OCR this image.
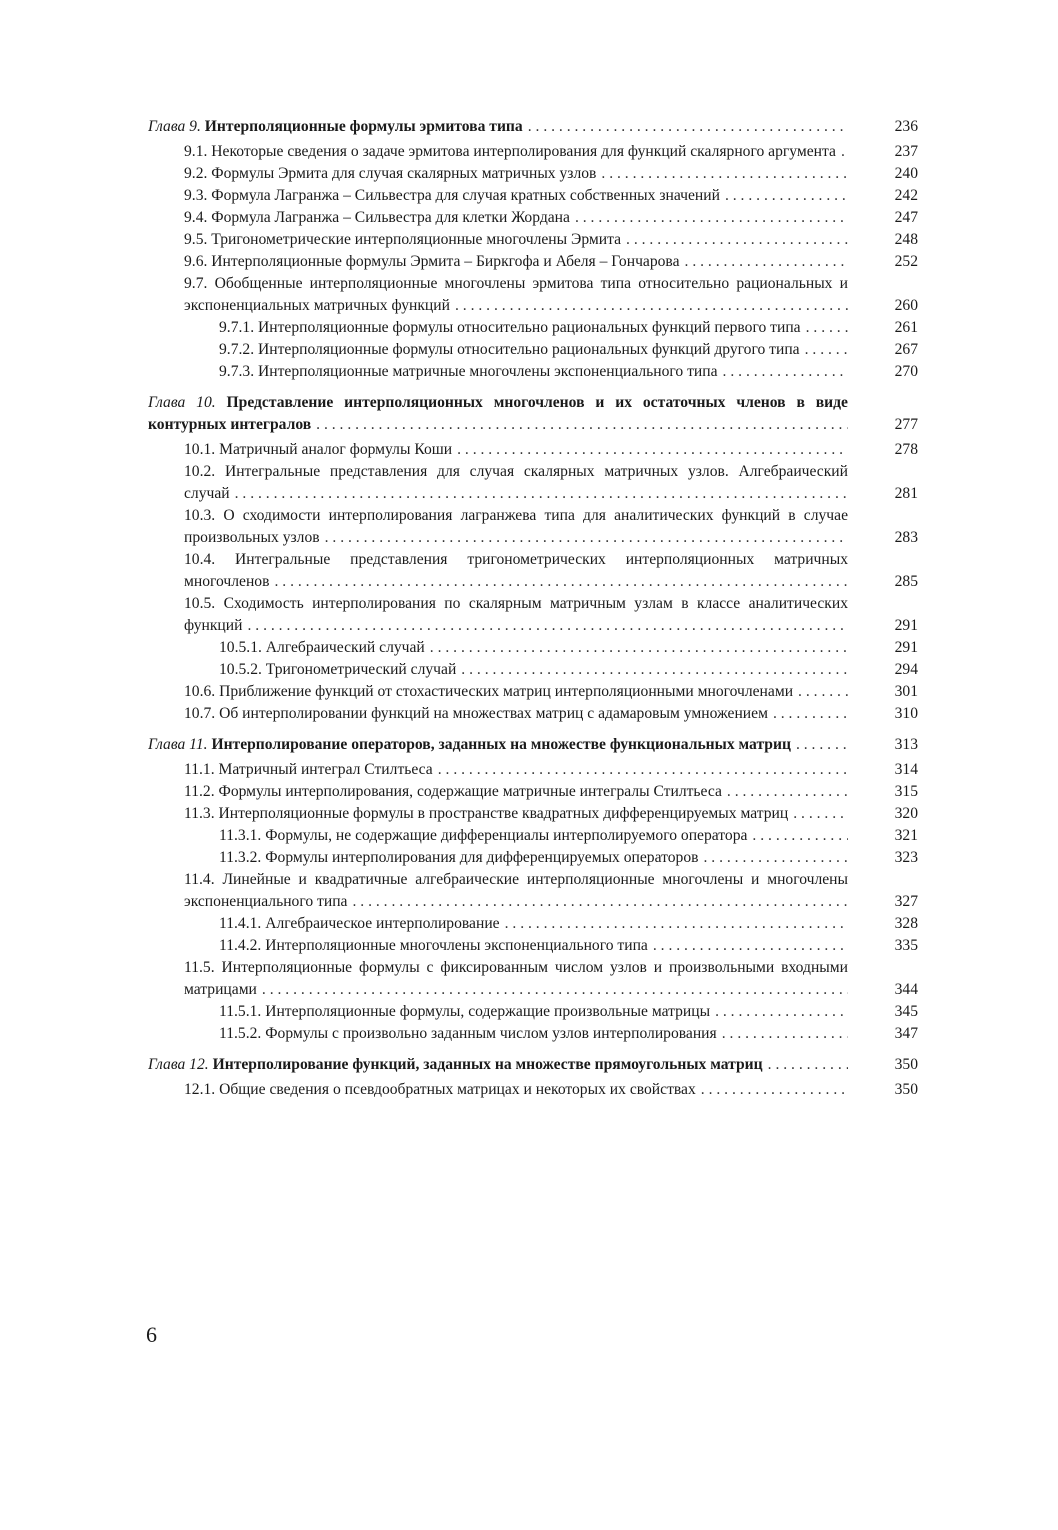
Глава 9. Интерполяционные формулы эрмитова типа . . .	236
9.1. Некоторые сведения о задаче эрмитова интерполирования для функций скалярного аргумента . . .	237
9.2. Формулы Эрмита для случая скалярных матричных узлов . . .	240
9.3. Формула Лагранжа – Сильвестра для случая кратных собственных значений . . .	242
9.4. Формула Лагранжа – Сильвестра для клетки Жордана . . .	247
9.5. Тригонометрические интерполяционные многочлены Эрмита . . .	248
9.6. Интерполяционные формулы Эрмита – Биркгофа и Абеля – Гончарова . . .	252
9.7. Обобщенные интерполяционные многочлены эрмитова типа относительно рациональных и экспоненциальных матричных функций . . .	260
9.7.1. Интерполяционные формулы относительно рациональных функций первого типа . . .	261
9.7.2. Интерполяционные формулы относительно рациональных функций другого типа . . .	267
9.7.3. Интерполяционные матричные многочлены экспоненциального типа . . .	270
Глава 10. Представление интерполяционных многочленов и их остаточных членов в виде контурных интегралов . . .	277
10.1. Матричный аналог формулы Коши . . .	278
10.2. Интегральные представления для случая скалярных матричных узлов. Алгебраический случай . . .	281
10.3. О сходимости интерполирования лагранжева типа для аналитических функций в случае произвольных узлов . . .	283
10.4. Интегральные представления тригонометрических интерполяционных матричных многочленов . . .	285
10.5. Сходимость интерполирования по скалярным матричным узлам в классе аналитических функций . . .	291
10.5.1. Алгебраический случай . . .	291
10.5.2. Тригонометрический случай . . .	294
10.6. Приближение функций от стохастических матриц интерполяционными многочленами . . .	301
10.7. Об интерполировании функций на множествах матриц с адамаровым умножением . . .	310
Глава 11. Интерполирование операторов, заданных на множестве функциональных матриц . . .	313
11.1. Матричный интеграл Стилтьеса . . .	314
11.2. Формулы интерполирования, содержащие матричные интегралы Стилтьеса . . .	315
11.3. Интерполяционные формулы в пространстве квадратных дифференцируемых матриц . . .	320
11.3.1. Формулы, не содержащие дифференциалы интерполируемого оператора . . .	321
11.3.2. Формулы интерполирования для дифференцируемых операторов . . .	323
11.4. Линейные и квадратичные алгебраические интерполяционные многочлены и многочлены экспоненциального типа . . .	327
11.4.1. Алгебраическое интерполирование . . .	328
11.4.2. Интерполяционные многочлены экспоненциального типа . . .	335
11.5. Интерполяционные формулы с фиксированным числом узлов и произвольными входными матрицами . . .	344
11.5.1. Интерполяционные формулы, содержащие произвольные матрицы . . .	345
11.5.2. Формулы с произвольно заданным числом узлов интерполирования . . .	347
Глава 12. Интерполирование функций, заданных на множестве прямоугольных матриц . . .	350
12.1. Общие сведения о псевдообратных матрицах и некоторых их свойствах . . .	350
6
